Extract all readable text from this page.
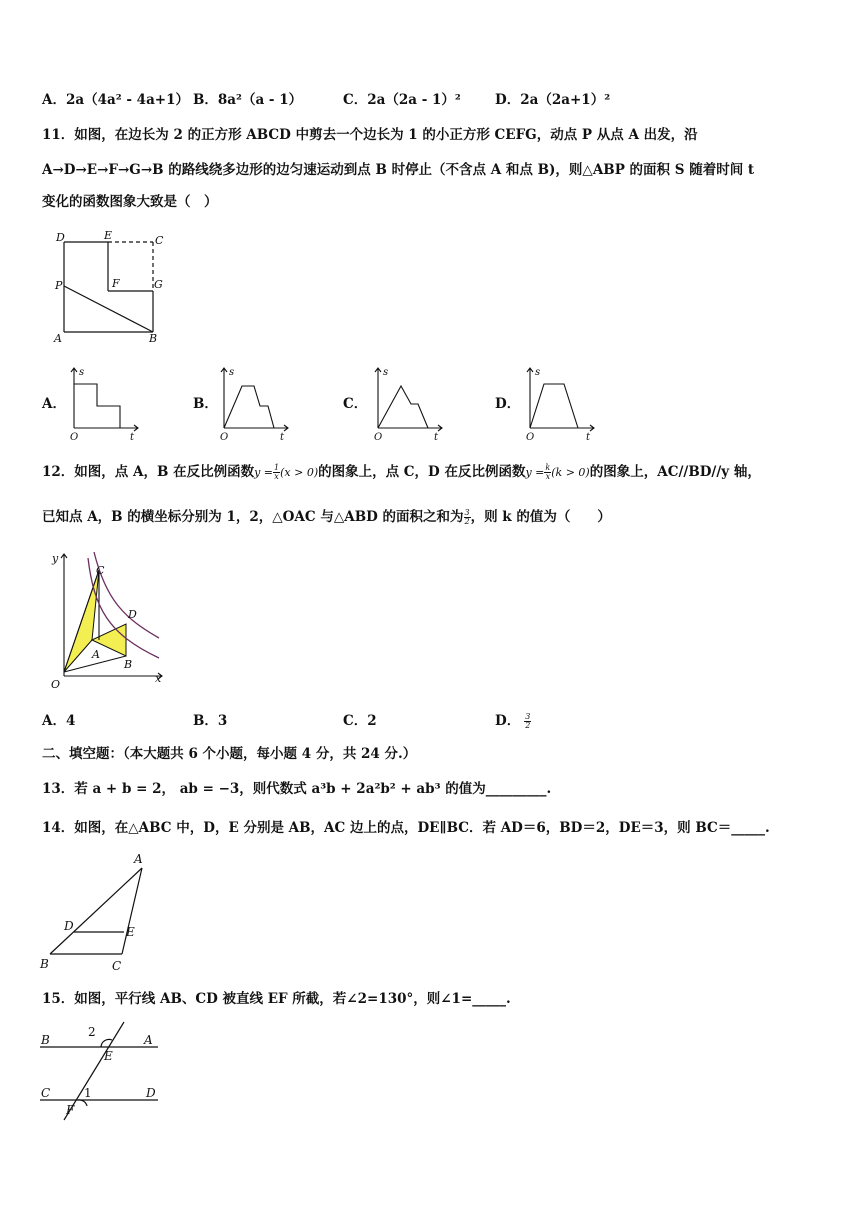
A．2a（4a² - 4a+1） B．8a²（a - 1）	C．2a（2a - 1）²	D．2a（2a+1）²
11．如图，在边长为 2 的正方形 ABCD 中剪去一个边长为 1 的小正方形 CEFG，动点 P 从点 A 出发，沿
A→D→E→F→G→B 的路线绕多边形的边匀速运动到点 B 时停止（不含点 A 和点 B)，则△ABP 的面积 S 随着时间 t
变化的函数图象大致是（　）
D	E	C
P	F	G
A	B
A．	B．	C．	D．
s
t
O
s
t
O
s
t
O
s
t
O
12．如图，点 A，B 在反比例函数$y = \frac{1}{x} (x > 0)$的图象上，点 C，D 在反比例函数$y = \frac{k}{x} (k > 0)$的图象上，AC//BD//y 轴，
已知点 A，B 的横坐标分别为 1，2，△OAC 与△ABD 的面积之和为 $\frac{3}{2}$ ，则 k 的值为（　　）
y
x
O
C
D
A
B
A．4	B．3	C．2	D． $\frac{3}{2}$
二、填空题：（本大题共 6 个小题，每小题 4 分，共 24 分.）
13．若 a + b = 2， ab = −3，则代数式 a³b + 2a²b² + ab³ 的值为_________.
14．如图，在△ABC 中，D，E 分别是 AB，AC 边上的点，DE∥BC．若 AD＝6，BD＝2，DE＝3，则 BC＝_____.
A
D	E
B	C
15．如图，平行线 AB、CD 被直线 EF 所截，若∠2=130°，则∠1=_____.
B	A
2
E
C	1	D
F
